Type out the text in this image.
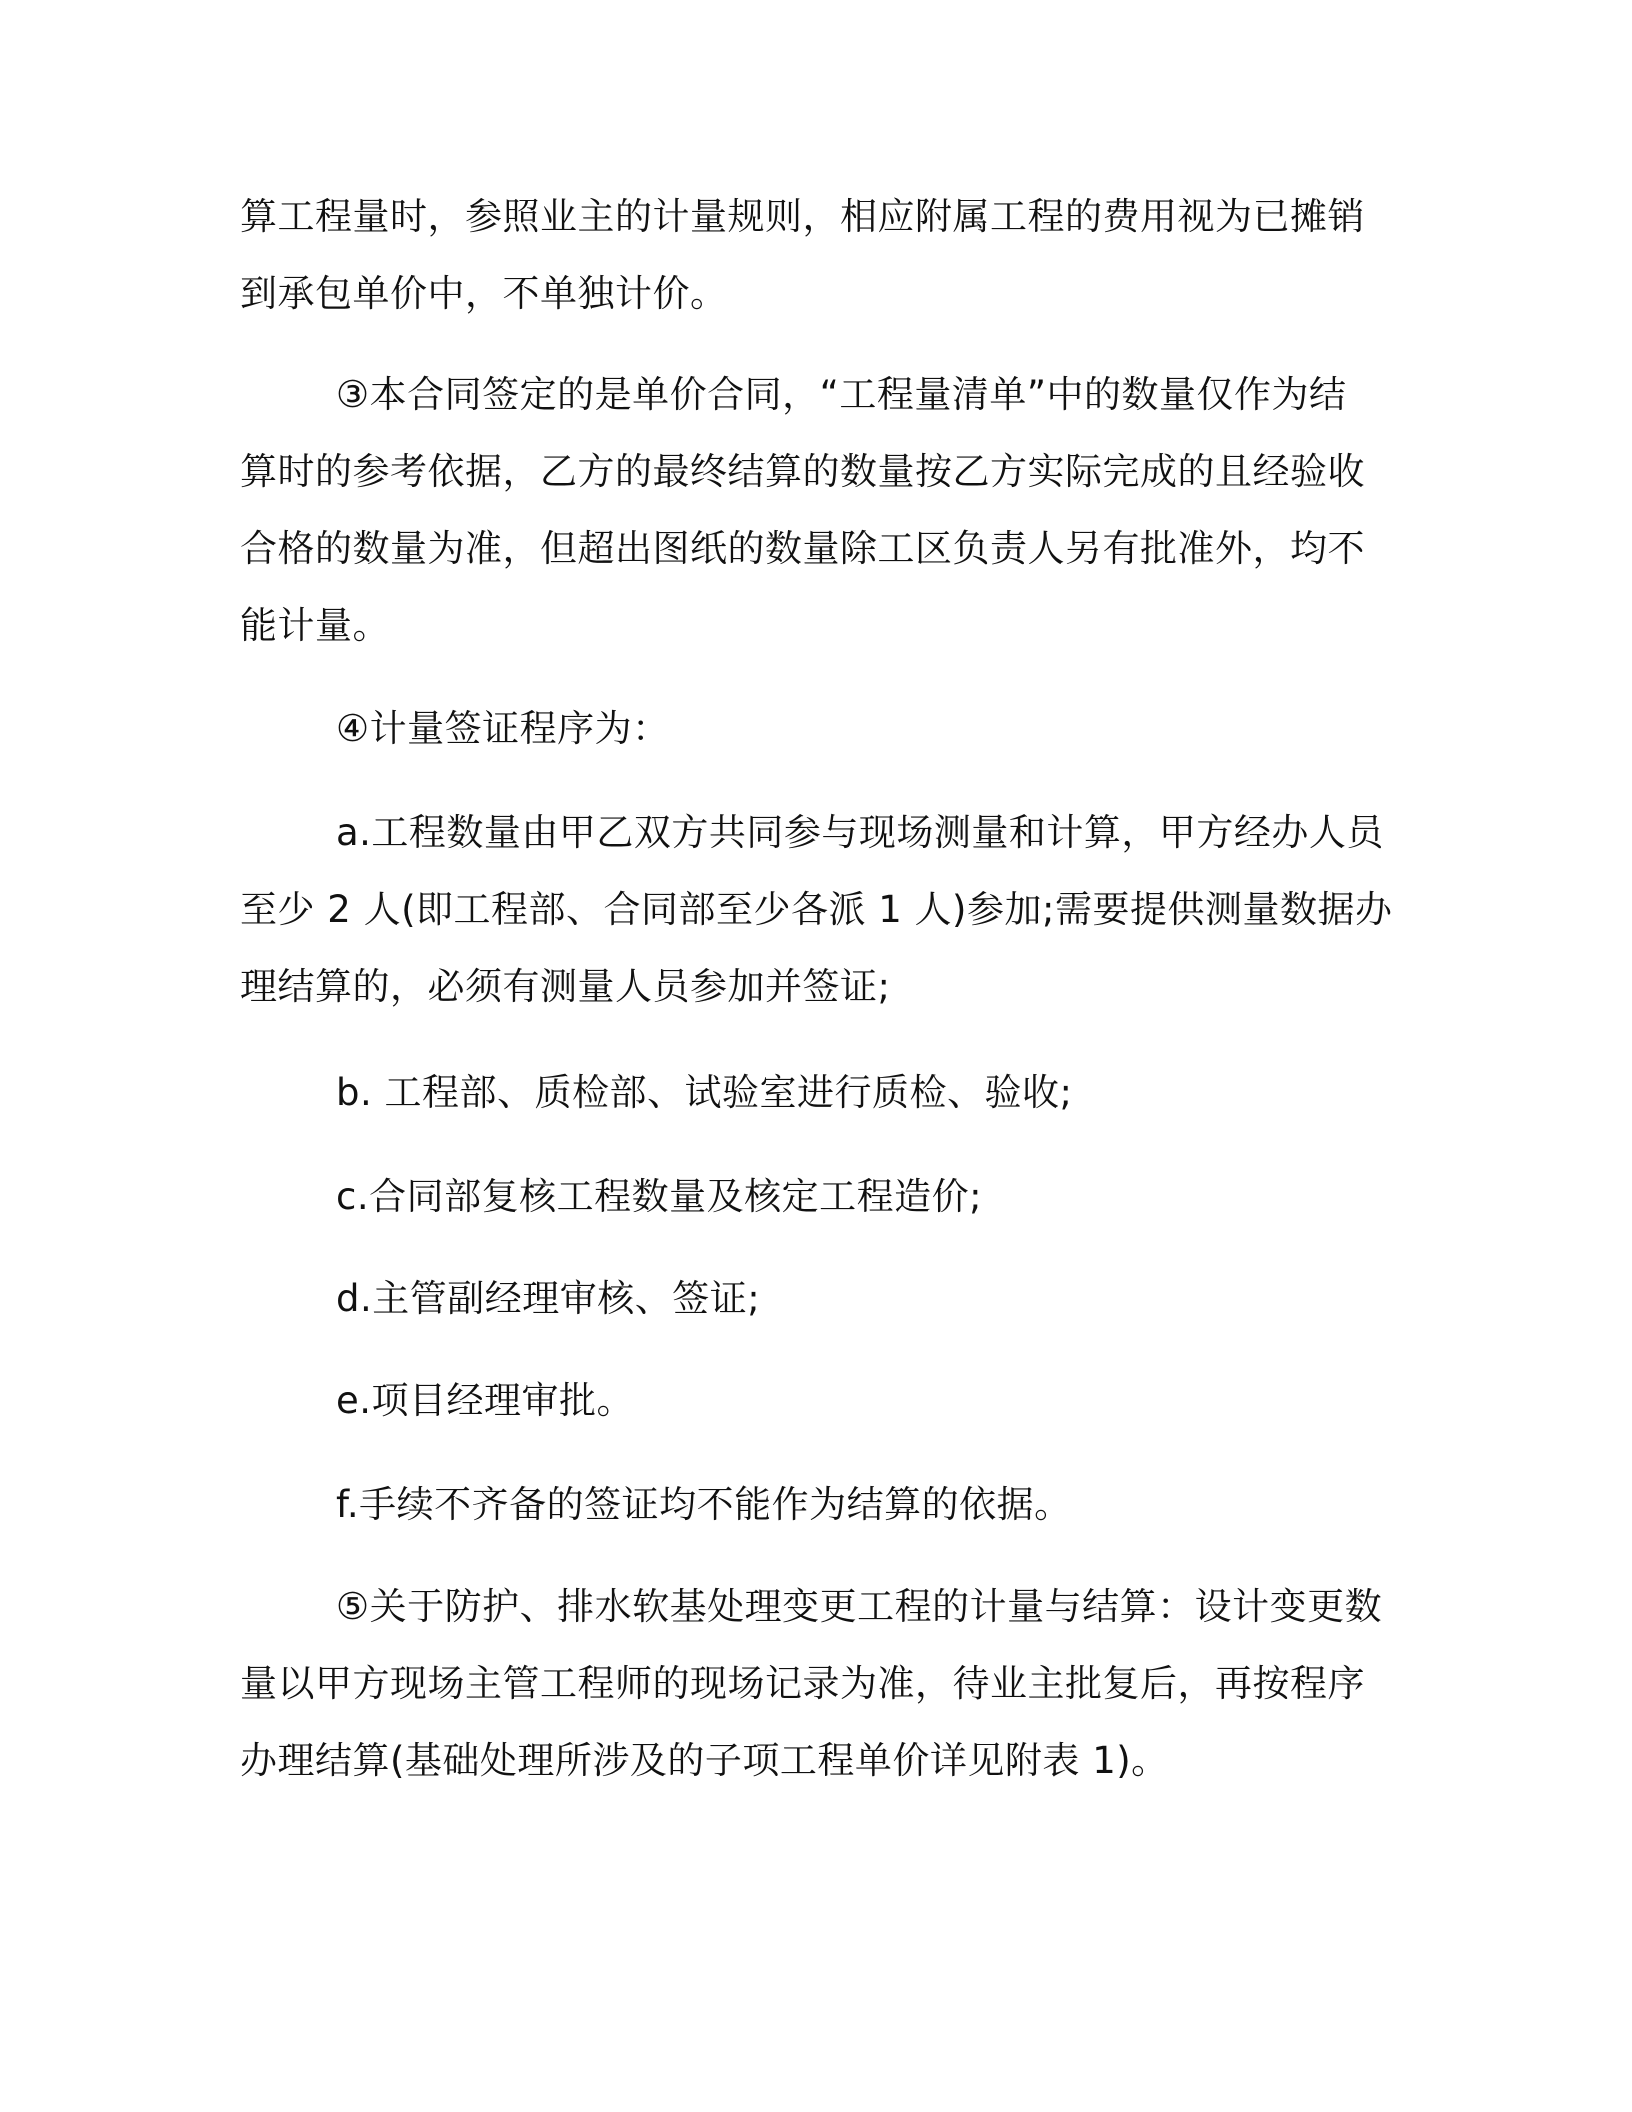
算工程量时，参照业主的计量规则，相应附属工程的费用视为已摊销
到承包单价中，不单独计价。
③本合同签定的是单价合同，“工程量清单”中的数量仅作为结
算时的参考依据，乙方的最终结算的数量按乙方实际完成的且经验收
合格的数量为准，但超出图纸的数量除工区负责人另有批准外，均不
能计量。
④计量签证程序为：
a.工程数量由甲乙双方共同参与现场测量和计算，甲方经办人员
至少 2 人(即工程部、合同部至少各派 1 人)参加;需要提供测量数据办
理结算的，必须有测量人员参加并签证;
b. 工程部、质检部、试验室进行质检、验收;
c.合同部复核工程数量及核定工程造价;
d.主管副经理审核、签证;
e.项目经理审批。
f.手续不齐备的签证均不能作为结算的依据。
⑤关于防护、排水软基处理变更工程的计量与结算：设计变更数
量以甲方现场主管工程师的现场记录为准，待业主批复后，再按程序
办理结算(基础处理所涉及的子项工程单价详见附表 1)。
